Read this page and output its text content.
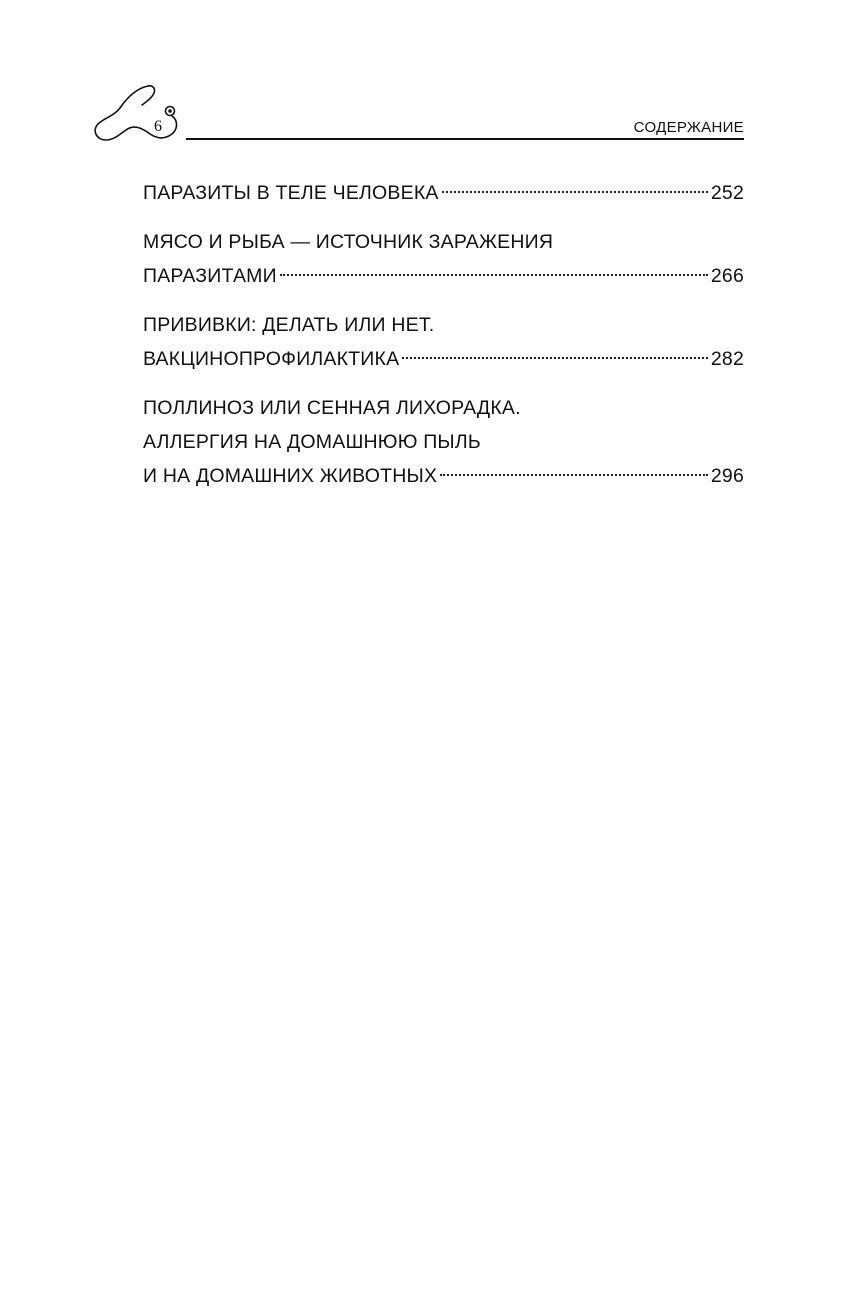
6	СОДЕРЖАНИЕ
ПАРАЗИТЫ В ТЕЛЕ ЧЕЛОВЕКА	252
МЯСО И РЫБА — ИСТОЧНИК ЗАРАЖЕНИЯ
ПАРАЗИТАМИ	266
ПРИВИВКИ: ДЕЛАТЬ ИЛИ НЕТ.
ВАКЦИНОПРОФИЛАКТИКА	282
ПОЛЛИНОЗ ИЛИ СЕННАЯ ЛИХОРАДКА.
АЛЛЕРГИЯ НА ДОМАШНЮЮ ПЫЛЬ
И НА ДОМАШНИХ ЖИВОТНЫХ	296
